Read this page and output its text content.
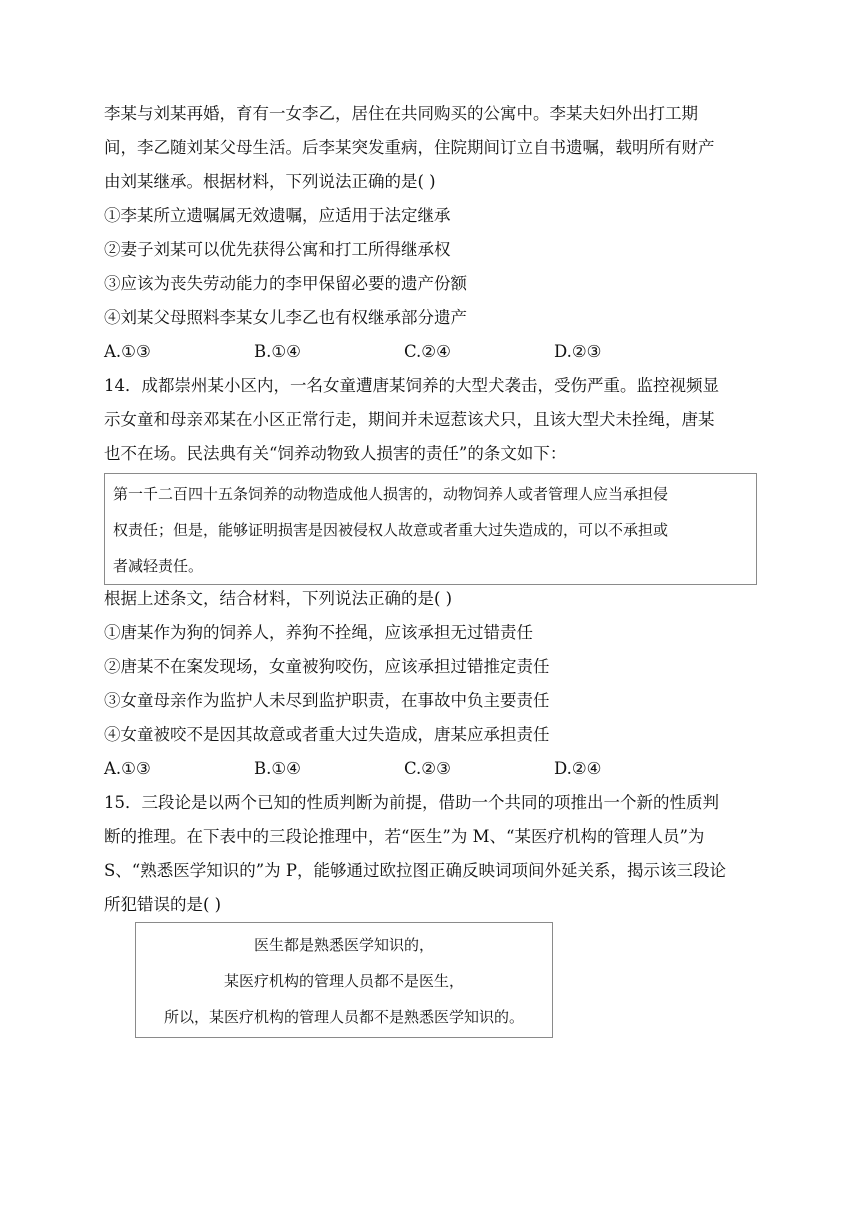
李某与刘某再婚，育有一女李乙，居住在共同购买的公寓中。李某夫妇外出打工期
间，李乙随刘某父母生活。后李某突发重病，住院期间订立自书遗嘱，载明所有财产
由刘某继承。根据材料，下列说法正确的是( )
①李某所立遗嘱属无效遗嘱，应适用于法定继承
②妻子刘某可以优先获得公寓和打工所得继承权
③应该为丧失劳动能力的李甲保留必要的遗产份额
④刘某父母照料李某女儿李乙也有权继承部分遗产
A.①③	B.①④	C.②④	D.②③
14．成都崇州某小区内，一名女童遭唐某饲养的大型犬袭击，受伤严重。监控视频显
示女童和母亲邓某在小区正常行走，期间并未逗惹该犬只，且该大型犬未拴绳，唐某
也不在场。民法典有关“饲养动物致人损害的责任”的条文如下：
第一千二百四十五条饲养的动物造成他人损害的，动物饲养人或者管理人应当承担侵
权责任；但是，能够证明损害是因被侵权人故意或者重大过失造成的，可以不承担或
者减轻责任。
根据上述条文，结合材料，下列说法正确的是( )
①唐某作为狗的饲养人，养狗不拴绳，应该承担无过错责任
②唐某不在案发现场，女童被狗咬伤，应该承担过错推定责任
③女童母亲作为监护人未尽到监护职责，在事故中负主要责任
④女童被咬不是因其故意或者重大过失造成，唐某应承担责任
A.①③	B.①④	C.②③	D.②④
15．三段论是以两个已知的性质判断为前提，借助一个共同的项推出一个新的性质判
断的推理。在下表中的三段论推理中，若“医生”为 M、“某医疗机构的管理人员”为
S、“熟悉医学知识的”为 P，能够通过欧拉图正确反映词项间外延关系，揭示该三段论
所犯错误的是( )
医生都是熟悉医学知识的，
某医疗机构的管理人员都不是医生，
所以，某医疗机构的管理人员都不是熟悉医学知识的。
